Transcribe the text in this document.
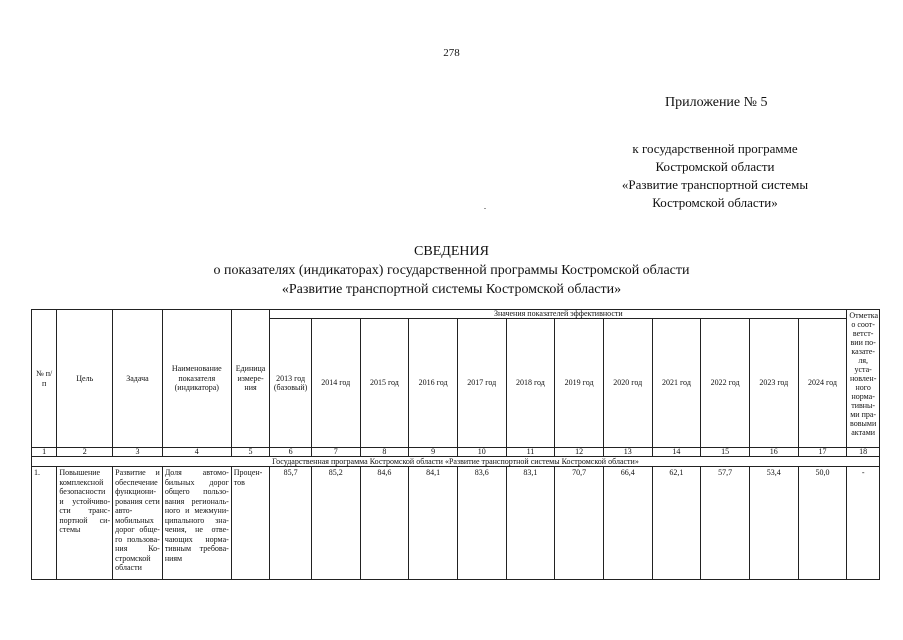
278
Приложение № 5
к государственной программе
Костромской области
«Развитие транспортной системы
Костромской области»
СВЕДЕНИЯ
о показателях (индикаторах) государственной программы Костромской области
«Развитие транспортной системы Костромской области»
№ п/п	Цель	Задача	Наименование показателя (индикатора)	Единица измере-ния	Значения показателей эффективности												Отметка о соот-ветст-вии по-казате-ля, уста-новлен-ного норма-тивны-ми пра-вовыми актами
					2013 год (базовый)	2014 год	2015 год	2016 год	2017 год	2018 год	2019 год	2020 год	2021 год	2022 год	2023 год	2024 год	
1	2	3	4	5	6	7	8	9	10	11	12	13	14	15	16	17	18
Государственная программа Костромской области «Развитие транспортной системы Костромской области»																	
1.	Повышение комплексной безопасности и устойчиво-сти транс-портной си-стемы	Развитие и обеспечение функциони-рования сети авто-мобильных дорог обще-го пользова-ния Ко-стромской области	Доля автомо-бильных дорог общего пользо-вания региональ-ного и межмуни-ципального зна-чения, не отве-чающих норма-тивным требова-ниям	Процен-тов	85,7	85,2	84,6	84,1	83,6	83,1	70,7	66,4	62,1	57,7	53,4	50,0	-
